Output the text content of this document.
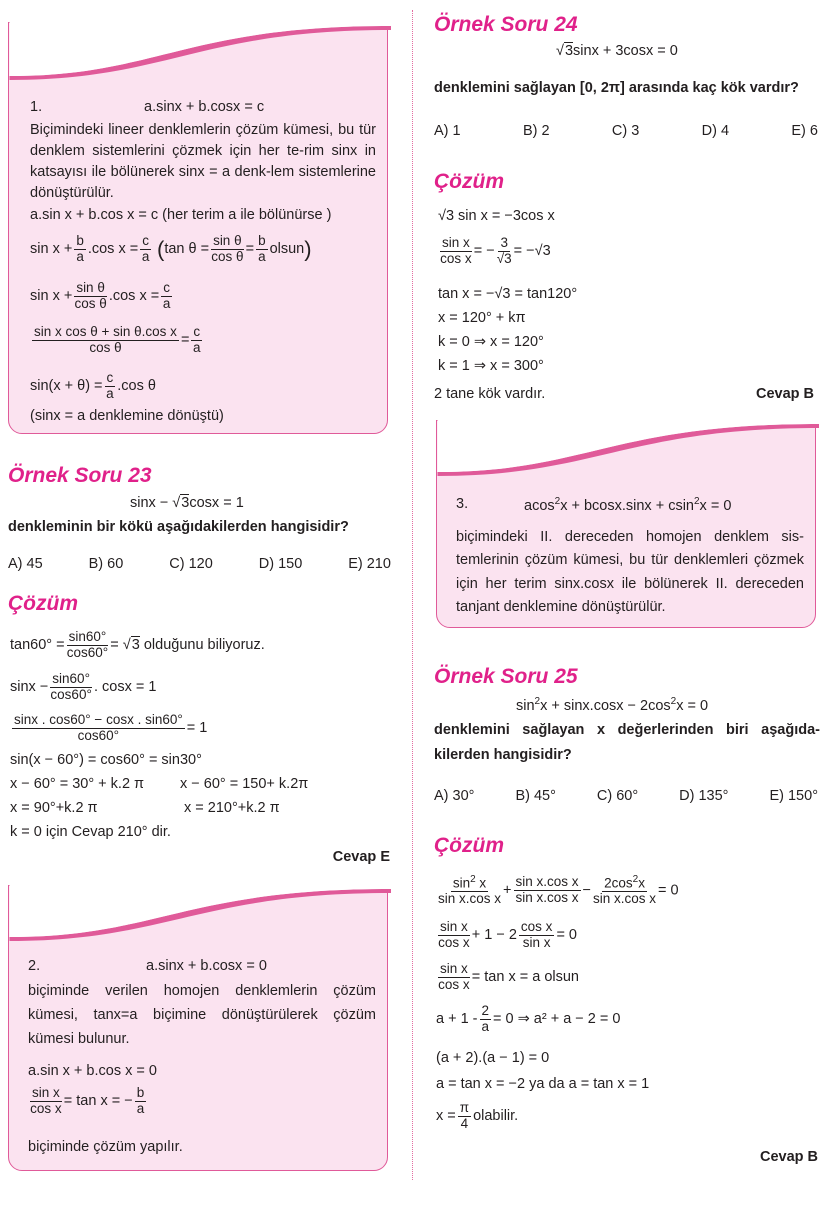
1.	a.sinx + b.cosx = c
Biçimindeki lineer denklemlerin çözüm kümesi, bu tür denklem sistemlerini çözmek için her te-rim sinx in katsayısı ile bölünerek sinx = a denk-lem sistemlerine dönüştürülür.
a.sin x + b.cos x = c (her terim a ile bölünürse )
$\sin x + \frac{b}{a} .\cos$ $x = \frac{c}{a} (\tan$ $\theta = \frac{\text{sin θ}}{\text{cos θ}} = \frac{b}{a}$ olsun)
$\sin x + \frac{\text{sin θ}}{\text{cos θ}} .\cos$ $x = \frac{c}{a}$
$\frac{\text{sin x cos θ + sin θ.cos x}}{\text{cos θ}} = \frac{c}{a}$
$\sin(x + \theta) = \frac{c}{a} .\cos$ θ
(sinx = a denklemine dönüştü)
Örnek Soru 23
sinx − √3cosx = 1
denkleminin bir kökü aşağıdakilerden hangisidir?
A) 45	B) 60	C) 120	D) 150	E) 210
Çözüm
$\tan 60^\circ = \frac{\sin 60^\circ}{\cos 60^\circ} = √3$ olduğunu biliyoruz.
$\sin x - \frac{\sin 60^\circ}{\cos 60^\circ}$ . cosx = 1
$\frac{\sin x . \cos 60^\circ - \cos x . \sin 60^\circ}{\cos 60^\circ} = 1$
sin(x − 60°) = cos60° = sin30°
x − 60° = 30° + k.2 π x − 60° = 150+ k.2π
x = 90°+k.2 π	x = 210°+k.2 π
k = 0 için Cevap 210° dir.
Cevap E
2.	a.sinx + b.cosx = 0
biçiminde verilen homojen denklemlerin çözüm kümesi, tanx=a biçimine dönüştürülerek çözüm kümesi bulunur.
a.sin x + b.cos x = 0
$\frac{\text{sin x}}{\text{cos x}} = \tan x$ = − $\frac{b}{a}$
biçiminde çözüm yapılır.
Örnek Soru 24
√3sinx + 3cosx = 0
denklemini sağlayan [0, 2π] arasında kaç kök vardır?
A) 1	B) 2	C) 3	D) 4	E) 6
Çözüm
√3 sin x = −3cos x
$\frac{\text{sin x}}{\text{cos x}}$ = − $\frac{3}{√3} = -√3$
tan x = −√3 = tan120°
x = 120° + kπ
k = 0 ⇒ x = 120°
k = 1 ⇒ x = 300°
2 tane kök vardır.	Cevap B
3.	acos$^2$x + bcosx.sinx + csin$^2$x = 0
biçimindeki II. dereceden homojen denklem sis-temlerinin çözüm kümesi, bu tür denklemleri çözmek için her terim sinx.cosx ile bölünerek II. dereceden tanjant denklemine dönüştürülür.
Örnek Soru 25
$\sin^2x + \sin x.\cos x - 2\cos^2x = 0$
denklemini sağlayan x değerlerinden biri aşağıda-kilerden hangisidir?
A) 30°	B) 45°	C) 60°	D) 135°	E) 150°
Çözüm
$\frac{\sin^2 x}{\text{sin x.cos x}} + \frac{\text{sin x.cos x}}{\text{sin x.cos x}} - \frac{2\cos^2x}{\text{sin x.cos x}} = 0$
$\frac{\text{sin x}}{\text{cos x}} + 1 - 2 \frac{\text{cos x}}{\text{sin x}} = 0$
$\frac{\text{sin x}}{\text{cos x}} = \tan x = a$ olsun
$a + 1 - \frac{2}{a} = 0$ ⇒ a² + a − 2 = 0
(a + 2).(a − 1) = 0
a = tan x = −2 ya da a = tan x = 1
$x = \frac{\pi}{4}$ olabilir.
Cevap B
